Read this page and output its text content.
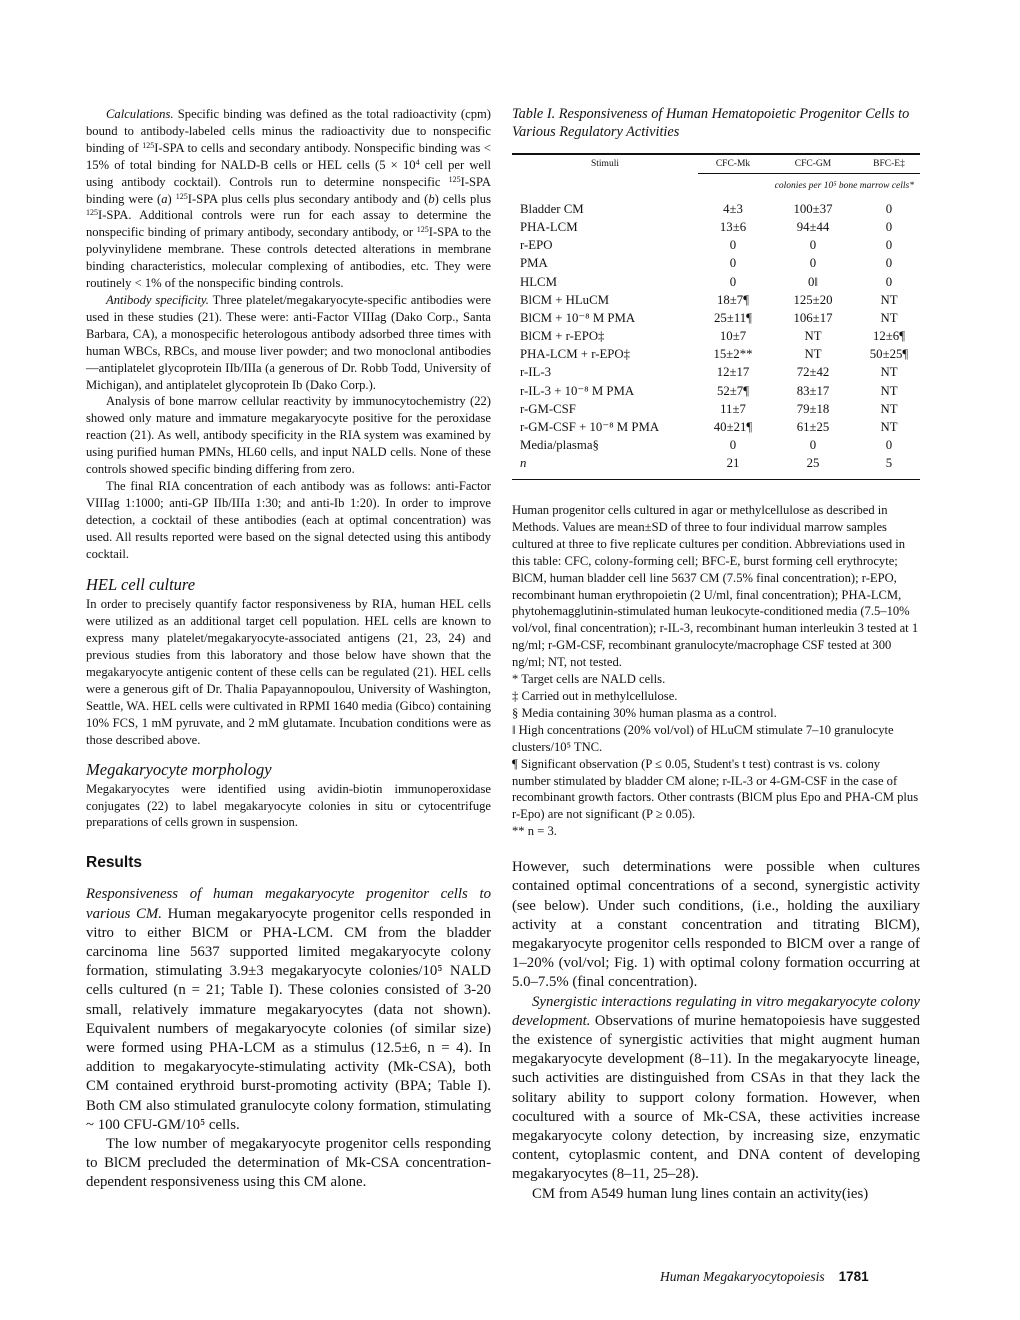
Calculations. Specific binding was defined as the total radioactivity (cpm) bound to antibody-labeled cells minus the radioactivity due to nonspecific binding of $^{125}$I-SPA to cells and secondary antibody. Nonspecific binding was < 15% of total binding for NALD-B cells or HEL cells ($5 \times 10^4$ cell per well using antibody cocktail). Controls run to determine nonspecific $^{125}$I-SPA binding were (a) $^{125}$I-SPA plus cells plus secondary antibody and (b) cells plus $^{125}$I-SPA. Additional controls were run for each assay to determine the nonspecific binding of primary antibody, secondary antibody, or $^{125}$I-SPA to the polyvinylidene membrane. These controls detected alterations in membrane binding characteristics, molecular complexing of antibodies, etc. They were routinely < 1% of the nonspecific binding controls.

Antibody specificity. Three platelet/megakaryocyte-specific antibodies were used in these studies (21). These were: anti-Factor VIIIag (Dako Corp., Santa Barbara, CA), a monospecific heterologous antibody adsorbed three times with human WBCs, RBCs, and mouse liver powder; and two monoclonal antibodies—antiplatelet glycoprotein IIb/IIIa (a generous of Dr. Robb Todd, University of Michigan), and antiplatelet glycoprotein Ib (Dako Corp.).

Analysis of bone marrow cellular reactivity by immunocytochemistry (22) showed only mature and immature megakaryocyte positive for the peroxidase reaction (21). As well, antibody specificity in the RIA system was examined by using purified human PMNs, HL60 cells, and input NALD cells. None of these controls showed specific binding differing from zero.

The final RIA concentration of each antibody was as follows: anti-Factor VIIIag 1:1000; anti-GP IIb/IIIa 1:30; and anti-Ib 1:20). In order to improve detection, a cocktail of these antibodies (each at optimal concentration) was used. All results reported were based on the signal detected using this antibody cocktail.

HEL cell culture

In order to precisely quantify factor responsiveness by RIA, human HEL cells were utilized as an additional target cell population. HEL cells are known to express many platelet/megakaryocyte-associated antigens (21, 23, 24) and previous studies from this laboratory and those below have shown that the megakaryocyte antigenic content of these cells can be regulated (21). HEL cells were a generous gift of Dr. Thalia Papayannopoulou, University of Washington, Seattle, WA. HEL cells were cultivated in RPMI 1640 media (Gibco) containing 10% FCS, 1 mM pyruvate, and 2 mM glutamate. Incubation conditions were as those described above.

Megakaryocyte morphology

Megakaryocytes were identified using avidin-biotin immunoperoxidase conjugates (22) to label megakaryocyte colonies in situ or cytocentrifuge preparations of cells grown in suspension.

Results

Responsiveness of human megakaryocyte progenitor cells to various CM. Human megakaryocyte progenitor cells responded in vitro to either BlCM or PHA-LCM. CM from the bladder carcinoma line 5637 supported limited megakaryocyte colony formation, stimulating 3.9±3 megakaryocyte colonies/10⁵ NALD cells cultured (n = 21; Table I). These colonies consisted of 3-20 small, relatively immature megakaryocytes (data not shown). Equivalent numbers of megakaryocyte colonies (of similar size) were formed using PHA-LCM as a stimulus (12.5±6, n = 4). In addition to megakaryocyte-stimulating activity (Mk-CSA), both CM contained erythroid burst-promoting activity (BPA; Table I). Both CM also stimulated granulocyte colony formation, stimulating ~ 100 CFU-GM/10⁵ cells.

The low number of megakaryocyte progenitor cells responding to BlCM precluded the determination of Mk-CSA concentration-dependent responsiveness using this CM alone.

Table I. Responsiveness of Human Hematopoietic Progenitor Cells to Various Regulatory Activities

Stimuli	CFC-Mk	CFC-GM	BFC-E‡
	colonies per 10⁵ bone marrow cells*		
Bladder CM	4±3	100±37	0
PHA-LCM	13±6	94±44	0
r-EPO	0	0	0
PMA	0	0	0
HLCM	0	0‖	0
BlCM + HLuCM	18±7¶	125±20	NT
BlCM + 10⁻⁸ M PMA	25±11¶	106±17	NT
BlCM + r-EPO‡	10±7	NT	12±6¶
PHA-LCM + r-EPO‡	15±2**	NT	50±25¶
r-IL-3	12±17	72±42	NT
r-IL-3 + 10⁻⁸ M PMA	52±7¶	83±17	NT
r-GM-CSF	11±7	79±18	NT
r-GM-CSF + 10⁻⁸ M PMA	40±21¶	61±25	NT
Media/plasma§	0	0	0
n	21	25	5

Human progenitor cells cultured in agar or methylcellulose as described in Methods. Values are mean±SD of three to four individual marrow samples cultured at three to five replicate cultures per condition. Abbreviations used in this table: CFC, colony-forming cell; BFC-E, burst forming cell erythrocyte; BlCM, human bladder cell line 5637 CM (7.5% final concentration); r-EPO, recombinant human erythropoietin (2 U/ml, final concentration); PHA-LCM, phytohemagglutinin-stimulated human leukocyte-conditioned media (7.5–10% vol/vol, final concentration); r-IL-3, recombinant human interleukin 3 tested at 1 ng/ml; r-GM-CSF, recombinant granulocyte/macrophage CSF tested at 300 ng/ml; NT, not tested.

* Target cells are NALD cells.

‡ Carried out in methylcellulose.

§ Media containing 30% human plasma as a control.

‖ High concentrations (20% vol/vol) of HLuCM stimulate 7–10 granulocyte clusters/10⁵ TNC.

¶ Significant observation (P ≤ 0.05, Student's t test) contrast is vs. colony number stimulated by bladder CM alone; r-IL-3 or 4-GM-CSF in the case of recombinant growth factors. Other contrasts (BlCM plus Epo and PHA-CM plus r-Epo) are not significant (P ≥ 0.05).

** n = 3.

However, such determinations were possible when cultures contained optimal concentrations of a second, synergistic activity (see below). Under such conditions, (i.e., holding the auxiliary activity at a constant concentration and titrating BlCM), megakaryocyte progenitor cells responded to BlCM over a range of 1–20% (vol/vol; Fig. 1) with optimal colony formation occurring at 5.0–7.5% (final concentration).

Synergistic interactions regulating in vitro megakaryocyte colony development. Observations of murine hematopoiesis have suggested the existence of synergistic activities that might augment human megakaryocyte development (8–11). In the megakaryocyte lineage, such activities are distinguished from CSAs in that they lack the solitary ability to support colony formation. However, when cocultured with a source of Mk-CSA, these activities increase megakaryocyte colony detection, by increasing size, enzymatic content, cytoplasmic content, and DNA content of developing megakaryocytes (8–11, 25–28).

CM from A549 human lung lines contain an activity(ies)

Human Megakaryocytopoiesis 1781
